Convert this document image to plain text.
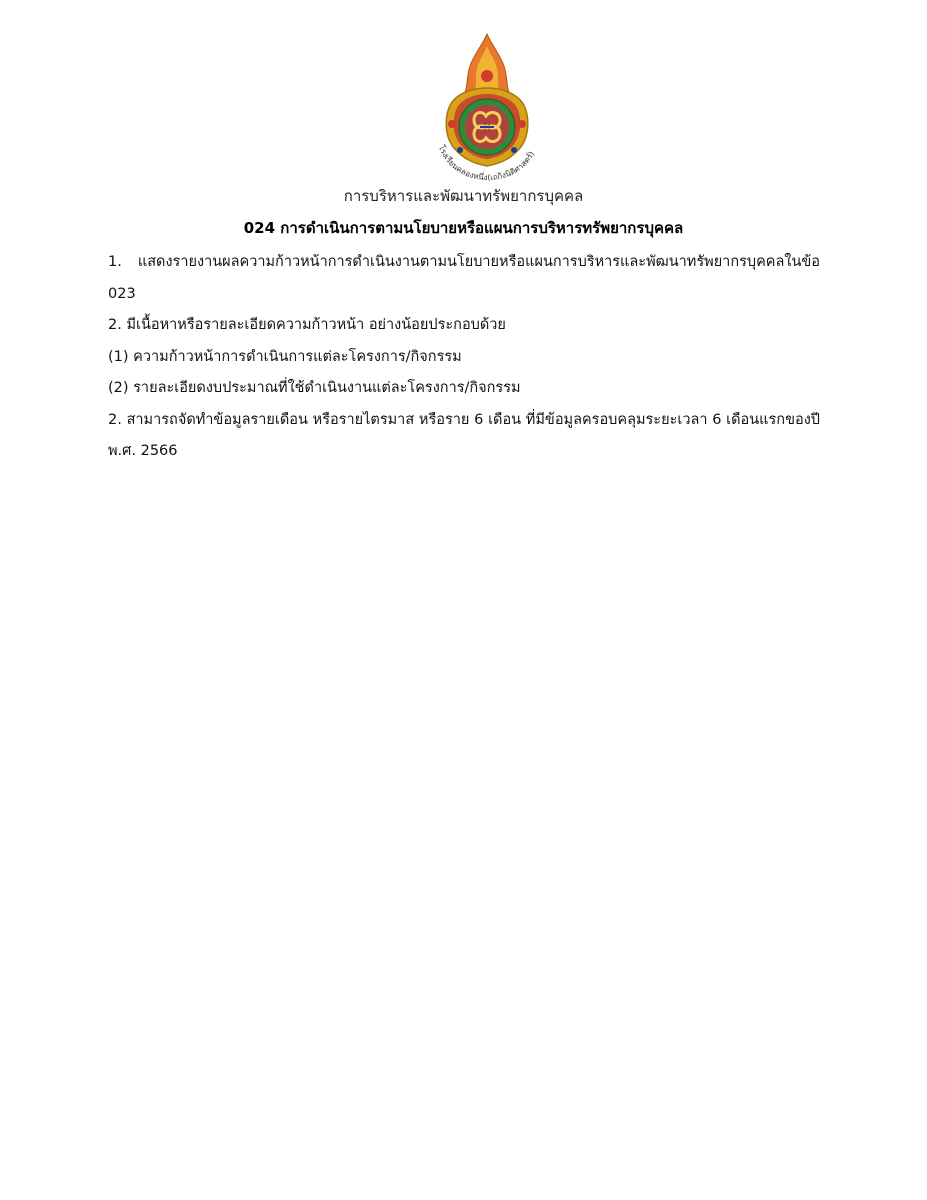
โรงเรียนคลองหนึ่ง(เถกิงนิติศาสตร์)
การบริหารและพัฒนาทรัพยากรบุคคล
024 การดำเนินการตามนโยบายหรือแผนการบริหารทรัพยากรบุคคล

1. แสดงรายงานผลความก้าวหน้าการดำเนินงานตามนโยบายหรือแผนการบริหารและพัฒนาทรัพยากรบุคคลในข้อ 023

2. มีเนื้อหาหรือรายละเอียดความก้าวหน้า อย่างน้อยประกอบด้วย

(1) ความก้าวหน้าการดำเนินการแต่ละโครงการ/กิจกรรม

(2) รายละเอียดงบประมาณที่ใช้ดำเนินงานแต่ละโครงการ/กิจกรรม

2. สามารถจัดทำข้อมูลรายเดือน หรือรายไตรมาส หรือราย 6 เดือน ที่มีข้อมูลครอบคลุมระยะเวลา 6 เดือนแรกของปี พ.ศ. 2566
